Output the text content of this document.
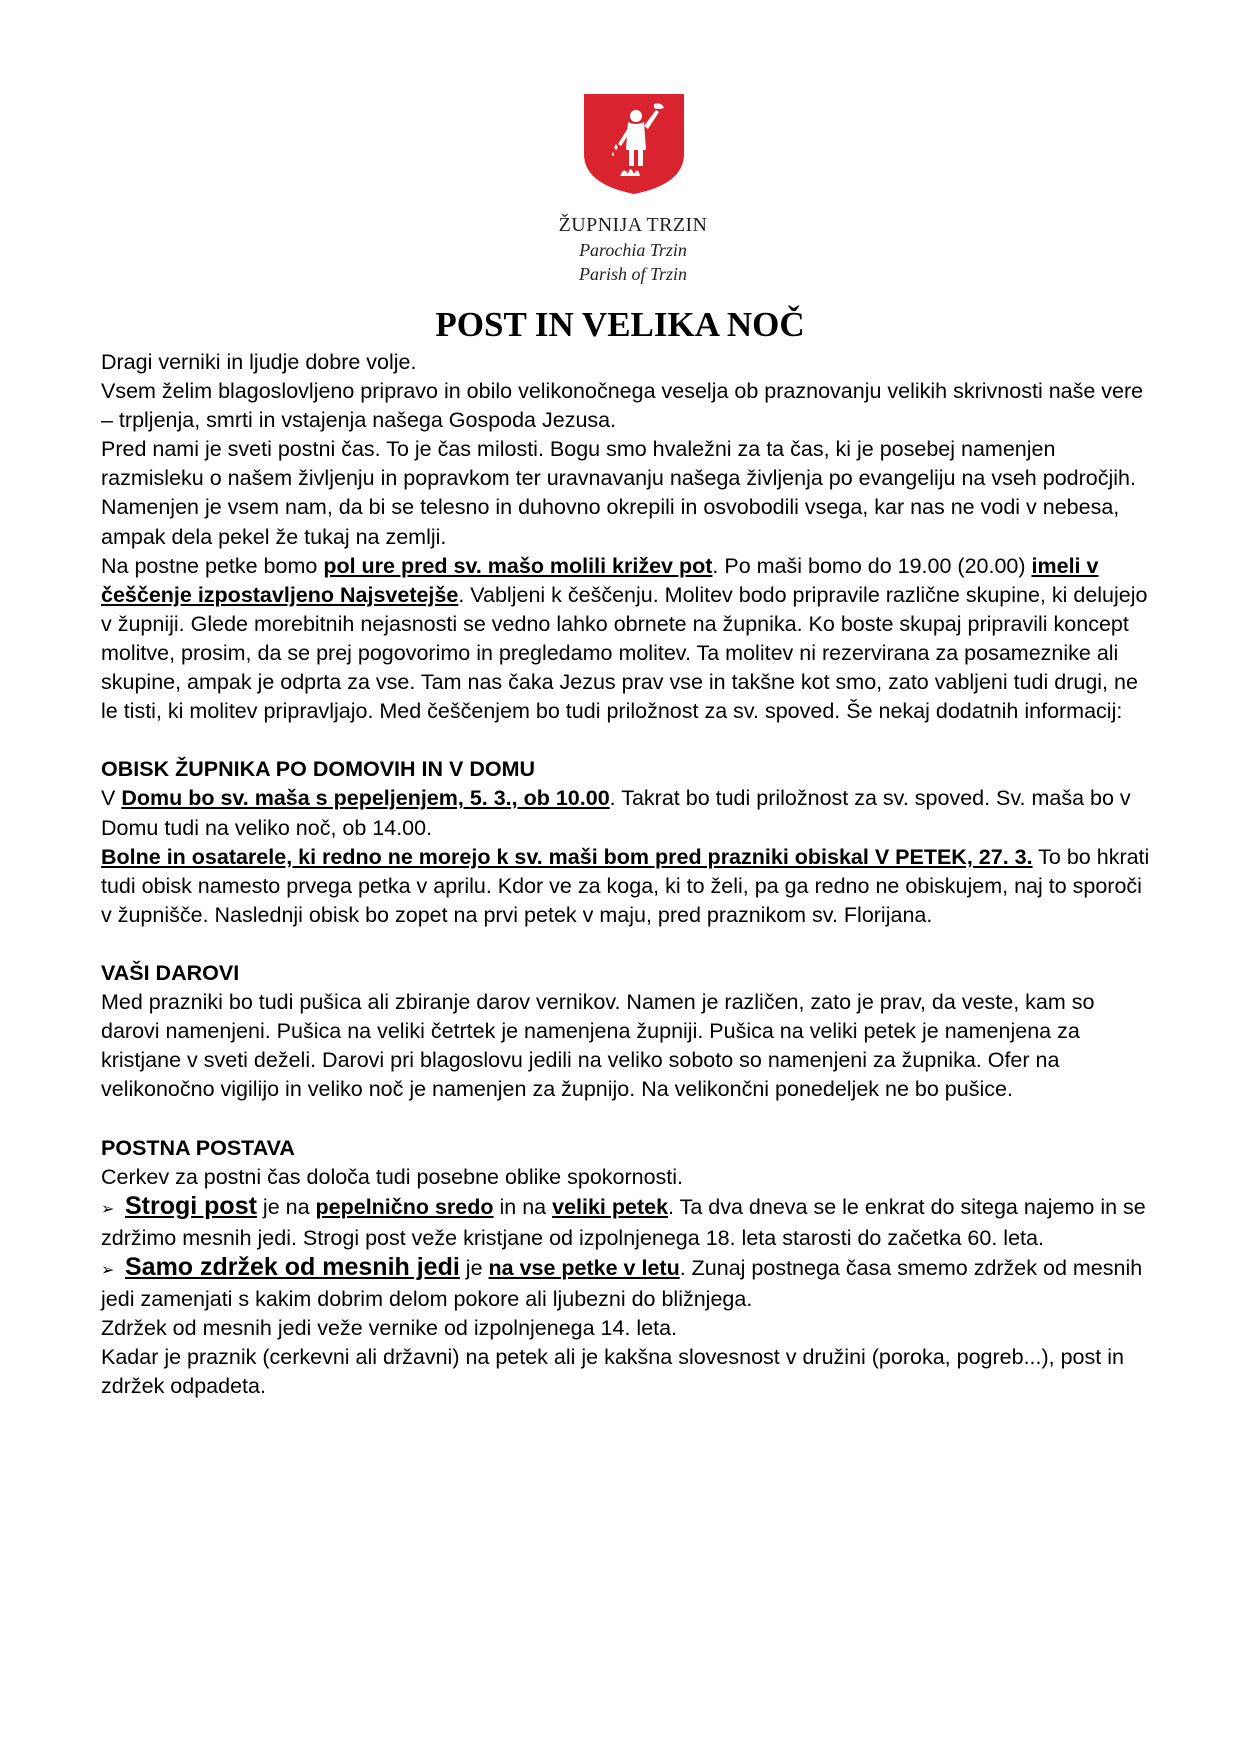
ŽUPNIJA TRZIN
Parochia Trzin
Parish of Trzin
POST IN VELIKA NOČ

Dragi verniki in ljudje dobre volje.

Vsem želim blagoslovljeno pripravo in obilo velikonočnega veselja ob praznovanju velikih skrivnosti naše vere – trpljenja, smrti in vstajenja našega Gospoda Jezusa.

Pred nami je sveti postni čas. To je čas milosti. Bogu smo hvaležni za ta čas, ki je posebej namenjen razmisleku o našem življenju in popravkom ter uravnavanju našega življenja po evangeliju na vseh področjih. Namenjen je vsem nam, da bi se telesno in duhovno okrepili in osvobodili vsega, kar nas ne vodi v nebesa, ampak dela pekel že tukaj na zemlji.

Na postne petke bomo pol ure pred sv. mašo molili križev pot. Po maši bomo do 19.00 (20.00) imeli v češčenje izpostavljeno Najsvetejše. Vabljeni k češčenju. Molitev bodo pripravile različne skupine, ki delujejo v župniji. Glede morebitnih nejasnosti se vedno lahko obrnete na župnika. Ko boste skupaj pripravili koncept molitve, prosim, da se prej pogovorimo in pregledamo molitev. Ta molitev ni rezervirana za posameznike ali skupine, ampak je odprta za vse. Tam nas čaka Jezus prav vse in takšne kot smo, zato vabljeni tudi drugi, ne le tisti, ki molitev pripravljajo. Med češčenjem bo tudi priložnost za sv. spoved. Še nekaj dodatnih informacij:

OBISK ŽUPNIKA PO DOMOVIH IN V DOMU

V Domu bo sv. maša s pepeljenjem, 5. 3., ob 10.00. Takrat bo tudi priložnost za sv. spoved. Sv. maša bo v Domu tudi na veliko noč, ob 14.00.

Bolne in osatarele, ki redno ne morejo k sv. maši bom pred prazniki obiskal V PETEK, 27. 3. To bo hkrati tudi obisk namesto prvega petka v aprilu. Kdor ve za koga, ki to želi, pa ga redno ne obiskujem, naj to sporoči v župnišče. Naslednji obisk bo zopet na prvi petek v maju, pred praznikom sv. Florijana.

VAŠI DAROVI

Med prazniki bo tudi pušica ali zbiranje darov vernikov. Namen je različen, zato je prav, da veste, kam so darovi namenjeni. Pušica na veliki četrtek je namenjena župniji. Pušica na veliki petek je namenjena za kristjane v sveti deželi. Darovi pri blagoslovu jedili na veliko soboto so namenjeni za župnika. Ofer na velikonočno vigilijo in veliko noč je namenjen za župnijo. Na velikončni ponedeljek ne bo pušice.

POSTNA POSTAVA

Cerkev za postni čas določa tudi posebne oblike spokornosti.

➢ Strogi post je na pepelnično sredo in na veliki petek. Ta dva dneva se le enkrat do sitega najemo in se zdržimo mesnih jedi. Strogi post veže kristjane od izpolnjenega 18. leta starosti do začetka 60. leta.

➢ Samo zdržek od mesnih jedi je na vse petke v letu. Zunaj postnega časa smemo zdržek od mesnih jedi zamenjati s kakim dobrim delom pokore ali ljubezni do bližnjega.

Zdržek od mesnih jedi veže vernike od izpolnjenega 14. leta.

Kadar je praznik (cerkevni ali državni) na petek ali je kakšna slovesnost v družini (poroka, pogreb...), post in zdržek odpadeta.
